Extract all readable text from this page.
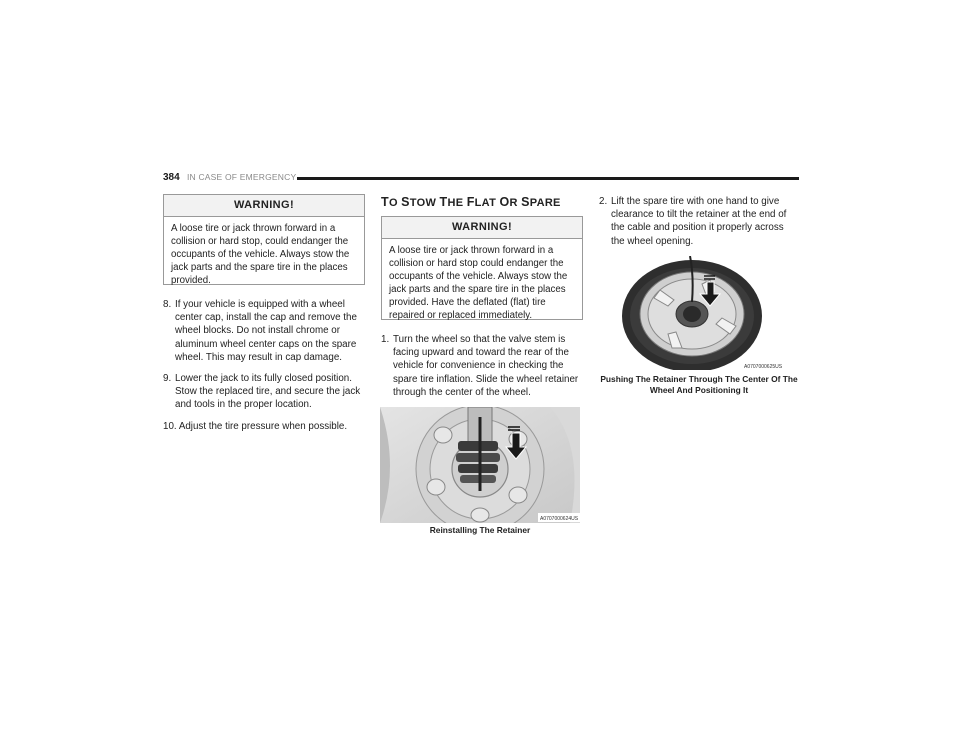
384 IN CASE OF EMERGENCY
WARNING!
A loose tire or jack thrown forward in a collision or hard stop, could endanger the occupants of the vehicle. Always stow the jack parts and the spare tire in the places provided.
8. If your vehicle is equipped with a wheel center cap, install the cap and remove the wheel blocks. Do not install chrome or aluminum wheel center caps on the spare wheel. This may result in cap damage.
9. Lower the jack to its fully closed position. Stow the replaced tire, and secure the jack and tools in the proper location.
10. Adjust the tire pressure when possible.
TO STOW THE FLAT OR SPARE
WARNING!
A loose tire or jack thrown forward in a collision or hard stop could endanger the occupants of the vehicle. Always stow the jack parts and the spare tire in the places provided. Have the deflated (flat) tire repaired or replaced immediately.
1. Turn the wheel so that the valve stem is facing upward and toward the rear of the vehicle for convenience in checking the spare tire inflation. Slide the wheel retainer through the center of the wheel.
A0707000624US
Reinstalling The Retainer
2. Lift the spare tire with one hand to give clearance to tilt the retainer at the end of the cable and position it properly across the wheel opening.
A0707000625US
Pushing The Retainer Through The Center Of The Wheel And Positioning It
